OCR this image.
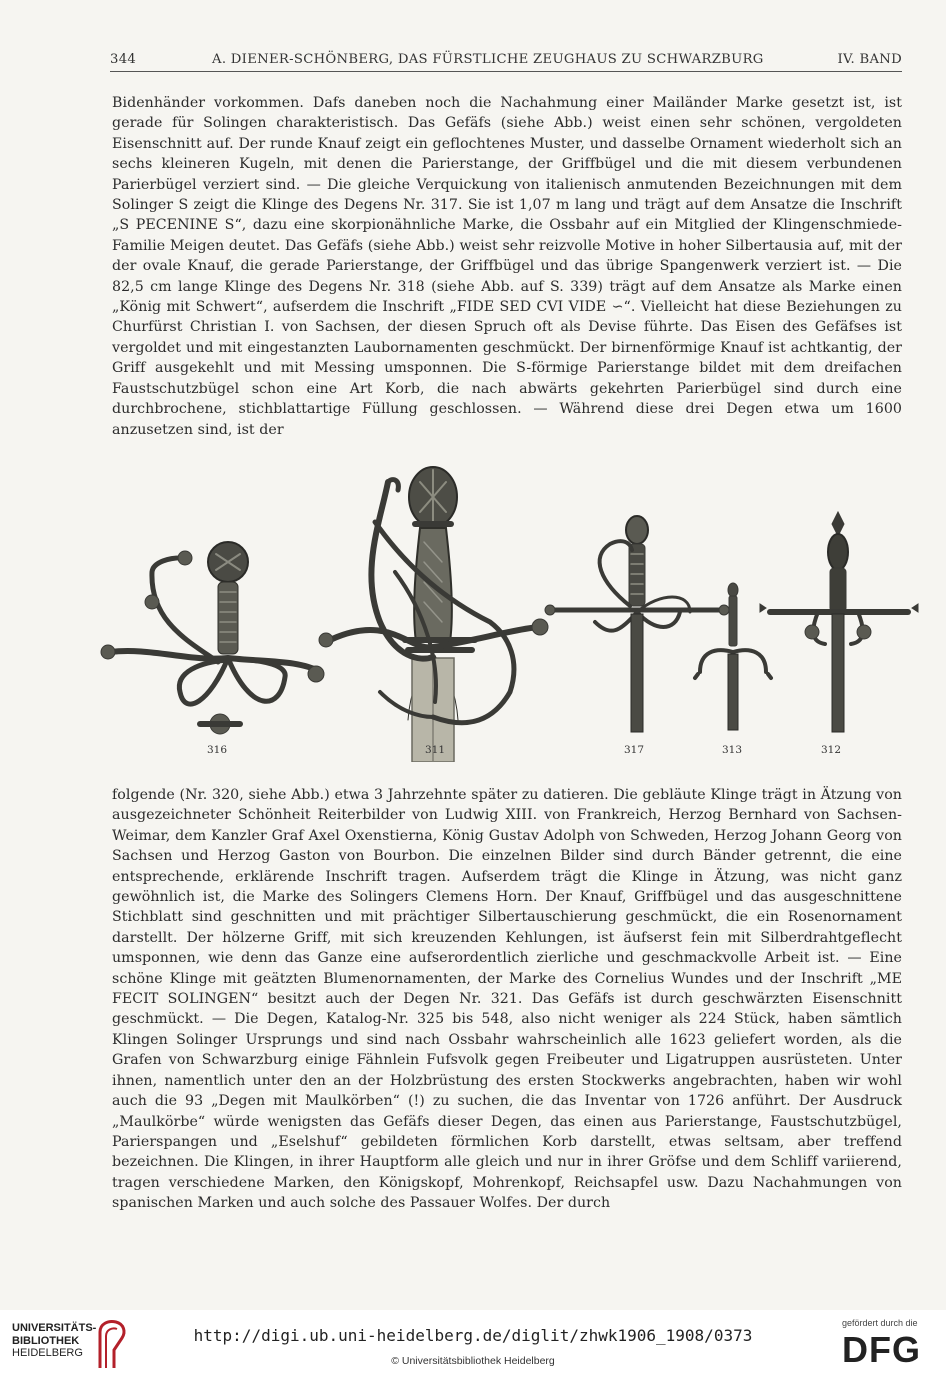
344	A. DIENER-SCHÖNBERG, DAS FÜRSTLICHE ZEUGHAUS ZU SCHWARZBURG	IV. BAND
Bidenhänder vorkommen. Dafs daneben noch die Nachahmung einer Mailänder Marke gesetzt ist, ist gerade für Solingen charakteristisch. Das Gefäfs (siehe Abb.) weist einen sehr schönen, vergoldeten Eisenschnitt auf. Der runde Knauf zeigt ein geflochtenes Muster, und dasselbe Ornament wiederholt sich an sechs kleineren Kugeln, mit denen die Parierstange, der Griffbügel und die mit diesem verbundenen Parierbügel verziert sind. — Die gleiche Verquickung von italienisch anmutenden Bezeichnungen mit dem Solinger S zeigt die Klinge des Degens Nr. 317. Sie ist 1,07 m lang und trägt auf dem Ansatze die Inschrift „S PECENINE S“, dazu eine skorpionähnliche Marke, die Ossbahr auf ein Mitglied der Klingenschmiede-Familie Meigen deutet. Das Gefäfs (siehe Abb.) weist sehr reizvolle Motive in hoher Silbertausia auf, mit der der ovale Knauf, die gerade Parierstange, der Griffbügel und das übrige Spangenwerk verziert ist. — Die 82,5 cm lange Klinge des Degens Nr. 318 (siehe Abb. auf S. 339) trägt auf dem Ansatze als Marke einen „König mit Schwert“, aufserdem die Inschrift „FIDE SED CVI VIDE ∽“. Vielleicht hat diese Beziehungen zu Churfürst Christian I. von Sachsen, der diesen Spruch oft als Devise führte. Das Eisen des Gefäfses ist vergoldet und mit eingestanzten Laubornamenten geschmückt. Der birnenförmige Knauf ist achtkantig, der Griff ausgekehlt und mit Messing umsponnen. Die S-förmige Parierstange bildet mit dem dreifachen Faustschutzbügel schon eine Art Korb, die nach abwärts gekehrten Parierbügel sind durch eine durchbrochene, stichblattartige Füllung geschlossen. — Während diese drei Degen etwa um 1600 anzusetzen sind, ist der
316	311	317	313	312
folgende (Nr. 320, siehe Abb.) etwa 3 Jahrzehnte später zu datieren. Die gebläute Klinge trägt in Ätzung von ausgezeichneter Schönheit Reiterbilder von Ludwig XIII. von Frankreich, Herzog Bernhard von Sachsen-Weimar, dem Kanzler Graf Axel Oxenstierna, König Gustav Adolph von Schweden, Herzog Johann Georg von Sachsen und Herzog Gaston von Bourbon. Die einzelnen Bilder sind durch Bänder getrennt, die eine entsprechende, erklärende Inschrift tragen. Aufserdem trägt die Klinge in Ätzung, was nicht ganz gewöhnlich ist, die Marke des Solingers Clemens Horn. Der Knauf, Griffbügel und das ausgeschnittene Stichblatt sind geschnitten und mit prächtiger Silbertauschierung geschmückt, die ein Rosenornament darstellt. Der hölzerne Griff, mit sich kreuzenden Kehlungen, ist äufserst fein mit Silberdrahtgeflecht umsponnen, wie denn das Ganze eine aufserordentlich zierliche und geschmackvolle Arbeit ist. — Eine schöne Klinge mit geätzten Blumenornamenten, der Marke des Cornelius Wundes und der Inschrift „ME FECIT SOLINGEN“ besitzt auch der Degen Nr. 321. Das Gefäfs ist durch geschwärzten Eisenschnitt geschmückt. — Die Degen, Katalog-Nr. 325 bis 548, also nicht weniger als 224 Stück, haben sämtlich Klingen Solinger Ursprungs und sind nach Ossbahr wahrscheinlich alle 1623 geliefert worden, als die Grafen von Schwarzburg einige Fähnlein Fufsvolk gegen Freibeuter und Ligatruppen ausrüsteten. Unter ihnen, namentlich unter den an der Holzbrüstung des ersten Stockwerks angebrachten, haben wir wohl auch die 93 „Degen mit Maulkörben“ (!) zu suchen, die das Inventar von 1726 anführt. Der Ausdruck „Maulkörbe“ würde wenigsten das Gefäfs dieser Degen, das einen aus Parierstange, Faustschutzbügel, Parierspangen und „Eselshuf“ gebildeten förmlichen Korb darstellt, etwas seltsam, aber treffend bezeichnen. Die Klingen, in ihrer Hauptform alle gleich und nur in ihrer Gröfse und dem Schliff variierend, tragen verschiedene Marken, den Königskopf, Mohrenkopf, Reichsapfel usw. Dazu Nachahmungen von spanischen Marken und auch solche des Passauer Wolfes. Der durch
UNIVERSITÄTS-
BIBLIOTHEK
HEIDELBERG
http://digi.ub.uni-heidelberg.de/diglit/zhwk1906_1908/0373
© Universitätsbibliothek Heidelberg
gefördert durch die
DFG
